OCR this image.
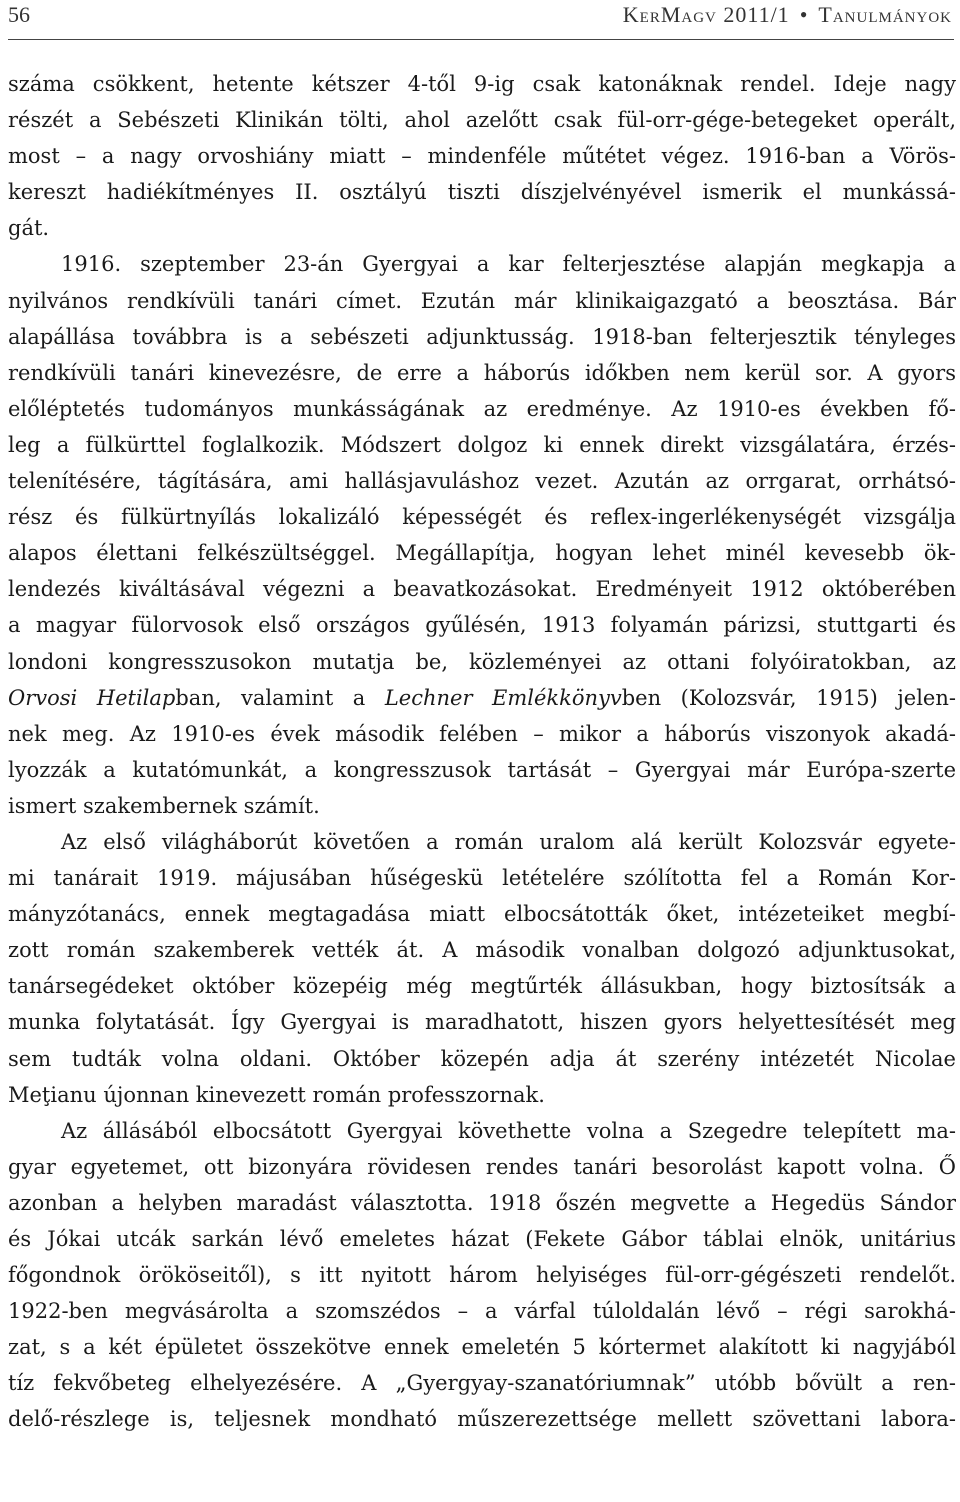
56	KerMagv 2011/1 • Tanulmányok
száma csökkent, hetente kétszer 4-től 9-ig csak katonáknak rendel. Ideje nagy
részét a Sebészeti Klinikán tölti, ahol azelőtt csak fül-orr-gége-betegeket operált,
most – a nagy orvoshiány miatt – mindenféle műtétet végez. 1916-ban a Vörös-
kereszt hadiékítményes II. osztályú tiszti díszjelvényével ismerik el munkássá-
gát.
1916. szeptember 23-án Gyergyai a kar felterjesztése alapján megkapja a
nyilvános rendkívüli tanári címet. Ezután már klinikaigazgató a beosztása. Bár
alapállása továbbra is a sebészeti adjunktusság. 1918-ban felterjesztik tényleges
rendkívüli tanári kinevezésre, de erre a háborús időkben nem kerül sor. A gyors
előléptetés tudományos munkásságának az eredménye. Az 1910-es években fő-
leg a fülkürttel foglalkozik. Módszert dolgoz ki ennek direkt vizsgálatára, érzés-
telenítésére, tágítására, ami hallásjavuláshoz vezet. Azután az orrgarat, orrhátsó-
rész és fülkürtnyílás lokalizáló képességét és reflex-ingerlékenységét vizsgálja
alapos élettani felkészültséggel. Megállapítja, hogyan lehet minél kevesebb ök-
lendezés kiváltásával végezni a beavatkozásokat. Eredményeit 1912 októberében
a magyar fülorvosok első országos gyűlésén, 1913 folyamán párizsi, stuttgarti és
londoni kongresszusokon mutatja be, közleményei az ottani folyóiratokban, az
Orvosi Hetilapban, valamint a Lechner Emlékkönyvben (Kolozsvár, 1915) jelen-
nek meg. Az 1910-es évek második felében – mikor a háborús viszonyok akadá-
lyozzák a kutatómunkát, a kongresszusok tartását – Gyergyai már Európa-szerte
ismert szakembernek számít.
Az első világháborút követően a román uralom alá került Kolozsvár egyete-
mi tanárait 1919. májusában hűségeskü letételére szólította fel a Román Kor-
mányzótanács, ennek megtagadása miatt elbocsátották őket, intézeteiket megbí-
zott román szakemberek vették át. A második vonalban dolgozó adjunktusokat,
tanársegédeket október közepéig még megtűrték állásukban, hogy biztosítsák a
munka folytatását. Így Gyergyai is maradhatott, hiszen gyors helyettesítését meg
sem tudták volna oldani. Október közepén adja át szerény intézetét Nicolae
Meţianu újonnan kinevezett román professzornak.
Az állásából elbocsátott Gyergyai követhette volna a Szegedre telepített ma-
gyar egyetemet, ott bizonyára rövidesen rendes tanári besorolást kapott volna. Ő
azonban a helyben maradást választotta. 1918 őszén megvette a Hegedüs Sándor
és Jókai utcák sarkán lévő emeletes házat (Fekete Gábor táblai elnök, unitárius
főgondnok örököseitől), s itt nyitott három helyiséges fül-orr-gégészeti rendelőt.
1922-ben megvásárolta a szomszédos – a várfal túloldalán lévő – régi sarokhá-
zat, s a két épületet összekötve ennek emeletén 5 kórtermet alakított ki nagyjából
tíz fekvőbeteg elhelyezésére. A „Gyergyay-szanatóriumnak” utóbb bővült a ren-
delő-részlege is, teljesnek mondható műszerezettsége mellett szövettani labora-
